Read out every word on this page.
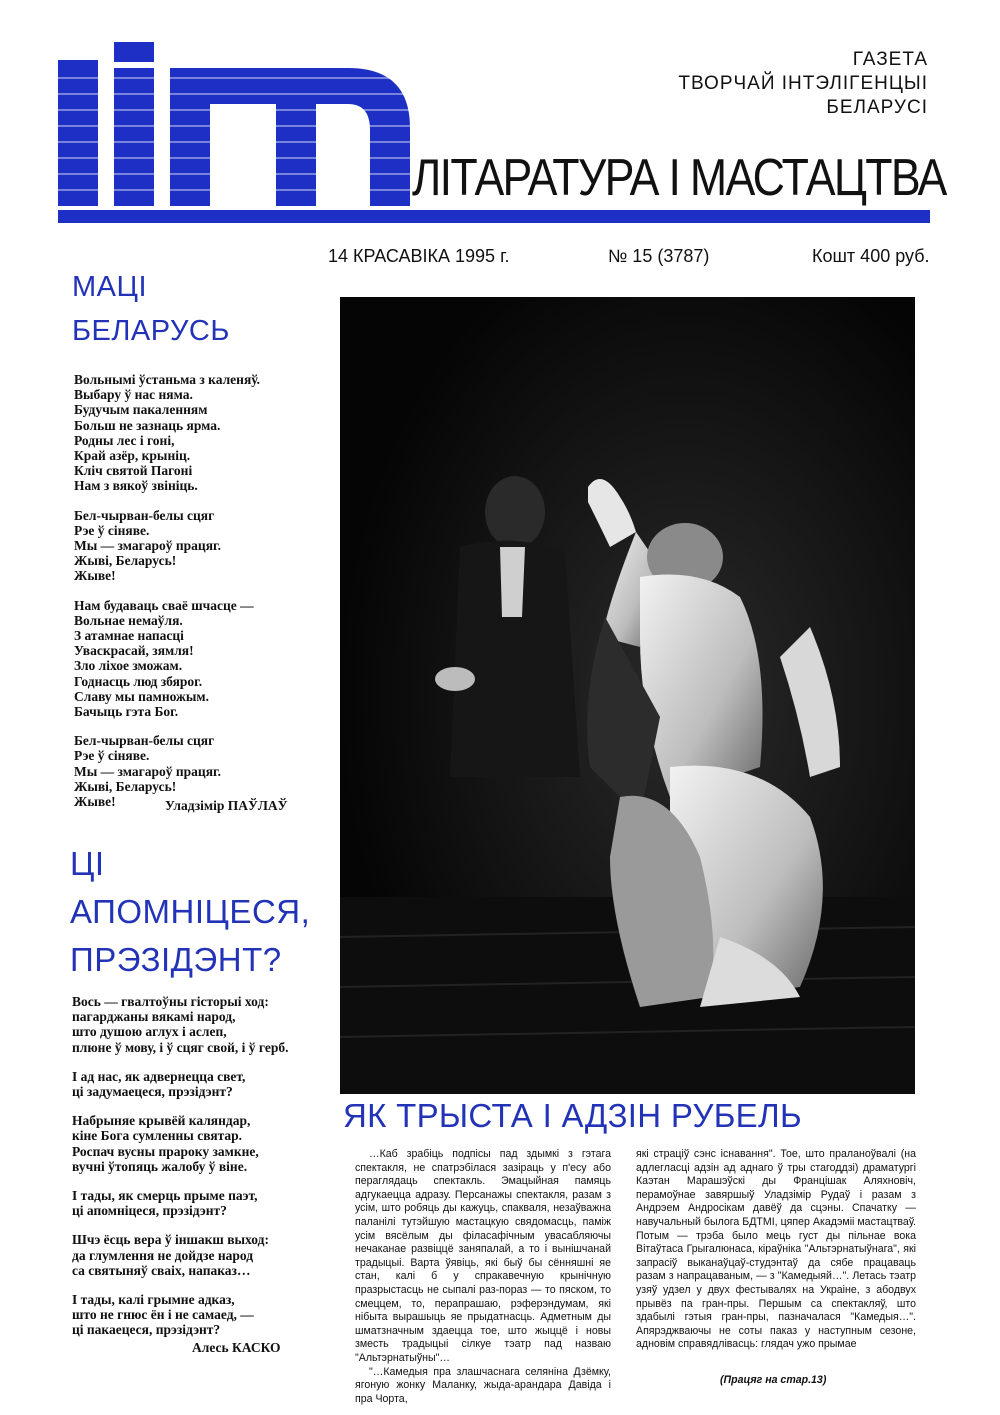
ГАЗЕТА
ТВОРЧАЙ ІНТЭЛІГЕНЦЫІ
БЕЛАРУСІ
ЛІТАРАТУРА І МАСТАЦТВА
14 КРАСАВІКА 1995 г.	№ 15 (3787)	Кошт 400 руб.
МАЦІ
БЕЛАРУСЬ
Вольнымі ўстаньма з каленяў.
Выбару ў нас няма.
Будучым пакаленням
Больш не зазнаць ярма.
Родны лес і гоні,
Край азёр, крыніц.
Кліч святой Пагоні
Нам з вякоў звініць.
Бел-чырван-белы сцяг
Рэе ў сіняве.
Мы — змагароў працяг.
Жыві, Беларусь!
Жыве!
Нам будаваць сваё шчасце —
Вольнае немаўля.
З атамнае напасці
Уваскрасай, зямля!
Зло ліхое зможам.
Годнасць люд збярог.
Славу мы памножым.
Бачыць гэта Бог.
Бел-чырван-белы сцяг
Рэе ў сіняве.
Мы — змагароў працяг.
Жыві, Беларусь!
Жыве!	Уладзімір ПАЎЛАЎ
ЦІ
АПОМНІЦЕСЯ,
ПРЭЗІДЭНТ?
Вось — гвалтоўны гісторыі ход:
пагарджаны вякамі народ,
што душою аглух і аслеп,
плюне ў мову, і ў сцяг свой, і ў герб.
І ад нас, як адвернецца свет,
ці задумаецеся, прэзідэнт?
Набрыняе крывёй каляндар,
кіне Бога сумленны святар.
Роспач вусны прароку замкне,
вучні ўтопяць жалобу ў віне.
І тады, як смерць прыме паэт,
ці апомніцеся, прэзідэнт?
Шчэ ёсць вера ў іншакш выход:
да глумлення не дойдзе народ
са святыняў сваіх, напаказ…
І тады, калі грымне адказ,
што не гнюс ён і не самаед, —
ці пакаецеся, прэзідэнт?
Алесь КАСКО
ЯК ТРЫСТА І АДЗІН РУБЕЛЬ

…Каб зрабіць подпісы пад здымкі з гэтага спектакля, не спатрэбілася зазіраць у п'есу або пераглядаць спектакль. Эмацыйная памяць адгукаецца адразу. Персанажы спектакля, разам з усім, што робяць ды кажуць, спакваля, незаўважна паланілі тутэйшую мастацкую свядомасць, паміж усім вясёлым ды філасафічным увасабляючы нечаканае развіццё заняпалай, а то і вынішчанай традыцыі. Варта ўявіць, які быў бы сённяшні яе стан, калі б у спракавечную крынічную празрыстасць не сыпалі раз-пораз — то пяском, то смеццем, то, перапрашаю, рэферэндумам, які нібыта вырашыць яе прыдатнасць. Адметным ды шматзначным здаецца тое, што жыццё і новы зместь традыцыі сілкуе тэатр пад назваю "Альтэрнатыўны"…

"…Камедыя пра злашчаснага селяніна Дзёмку, ягоную жонку Маланку, жыда-арандара Давіда і пра Чорта,

які страціў сэнс існавання". Тое, што праланоўвалі (на адлегласці адзін ад аднаго ў тры стагоддзі) драматургі Каэтан Марашэўскі ды Францішак Аляхновіч, перамоўнае завяршыў Уладзімір Рудаў і разам з Андрэем Андросікам давёў да сцэны. Спачатку — навучальный былога БДТМІ, цяпер Акадэміі мастацтваў. Потым — трэба было мець густ ды пільнае вока Вітаўтаса Грыгалюнаса, кіраўніка "Альтэрнатыўнага", які запрасіў выканаўцаў-студэнтаў да сябе працаваць разам з напрацаваным, — з "Камедыяй…". Летась тэатр узяў удзел у двух фестывалях на Украіне, з абодвух прывёз па гран-пры. Першым са спектакляў, што здабылі гэтыя гран-пры, пазначалася "Камедыя…". Апярэджваючы не соты паказ у наступным сезоне, адновім справядлівасць: глядач ужо прымае

(Працяг на стар.13)
